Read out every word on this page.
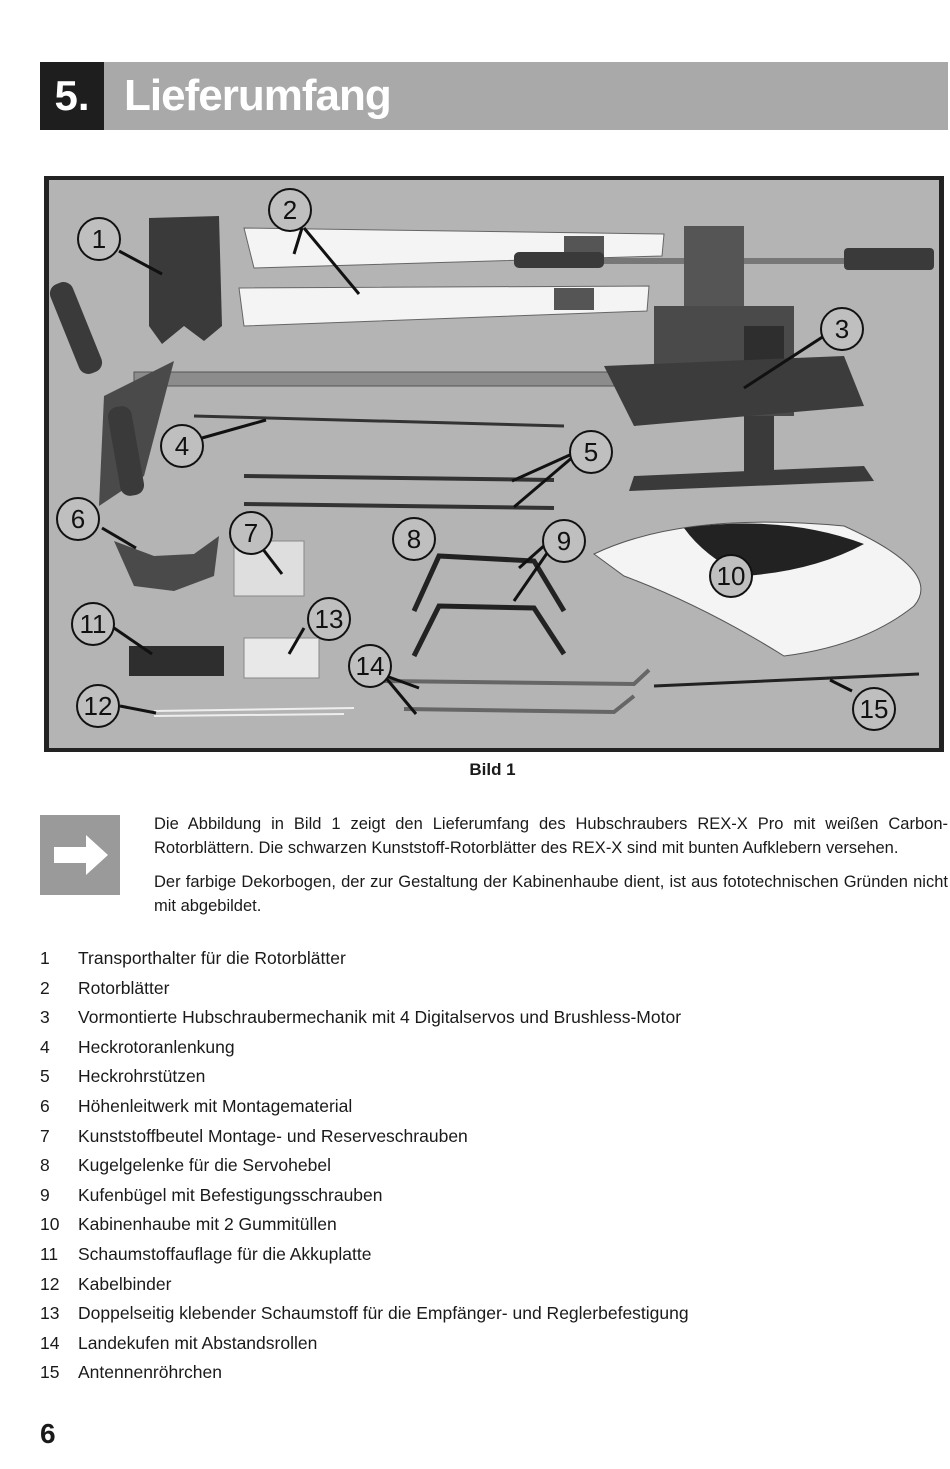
5. Lieferumfang
1
2
3
4	5
6	7	8	9
10
11
12
13
14
15
Bild 1

Die Abbildung in Bild 1 zeigt den Lieferumfang des Hubschraubers REX-X Pro mit weißen Carbon-Rotorblättern. Die schwarzen Kunststoff-Rotorblätter des REX-X sind mit bunten Aufklebern versehen.

Der farbige Dekorbogen, der zur Gestaltung der Kabinenhaube dient, ist aus fototechnischen Gründen nicht mit abgebildet.

1	Transporthalter für die Rotorblätter
2	Rotorblätter
3	Vormontierte Hubschraubermechanik mit 4 Digitalservos und Brushless-Motor
4	Heckrotoranlenkung
5	Heckrohrstützen
6	Höhenleitwerk mit Montagematerial
7	Kunststoffbeutel Montage- und Reserveschrauben
8	Kugelgelenke für die Servohebel
9	Kufenbügel mit Befestigungsschrauben
10	Kabinenhaube mit 2 Gummitüllen
11	Schaumstoffauflage für die Akkuplatte
12	Kabelbinder
13	Doppelseitig klebender Schaumstoff für die Empfänger- und Reglerbefestigung
14	Landekufen mit Abstandsrollen
15	Antennenröhrchen
6
